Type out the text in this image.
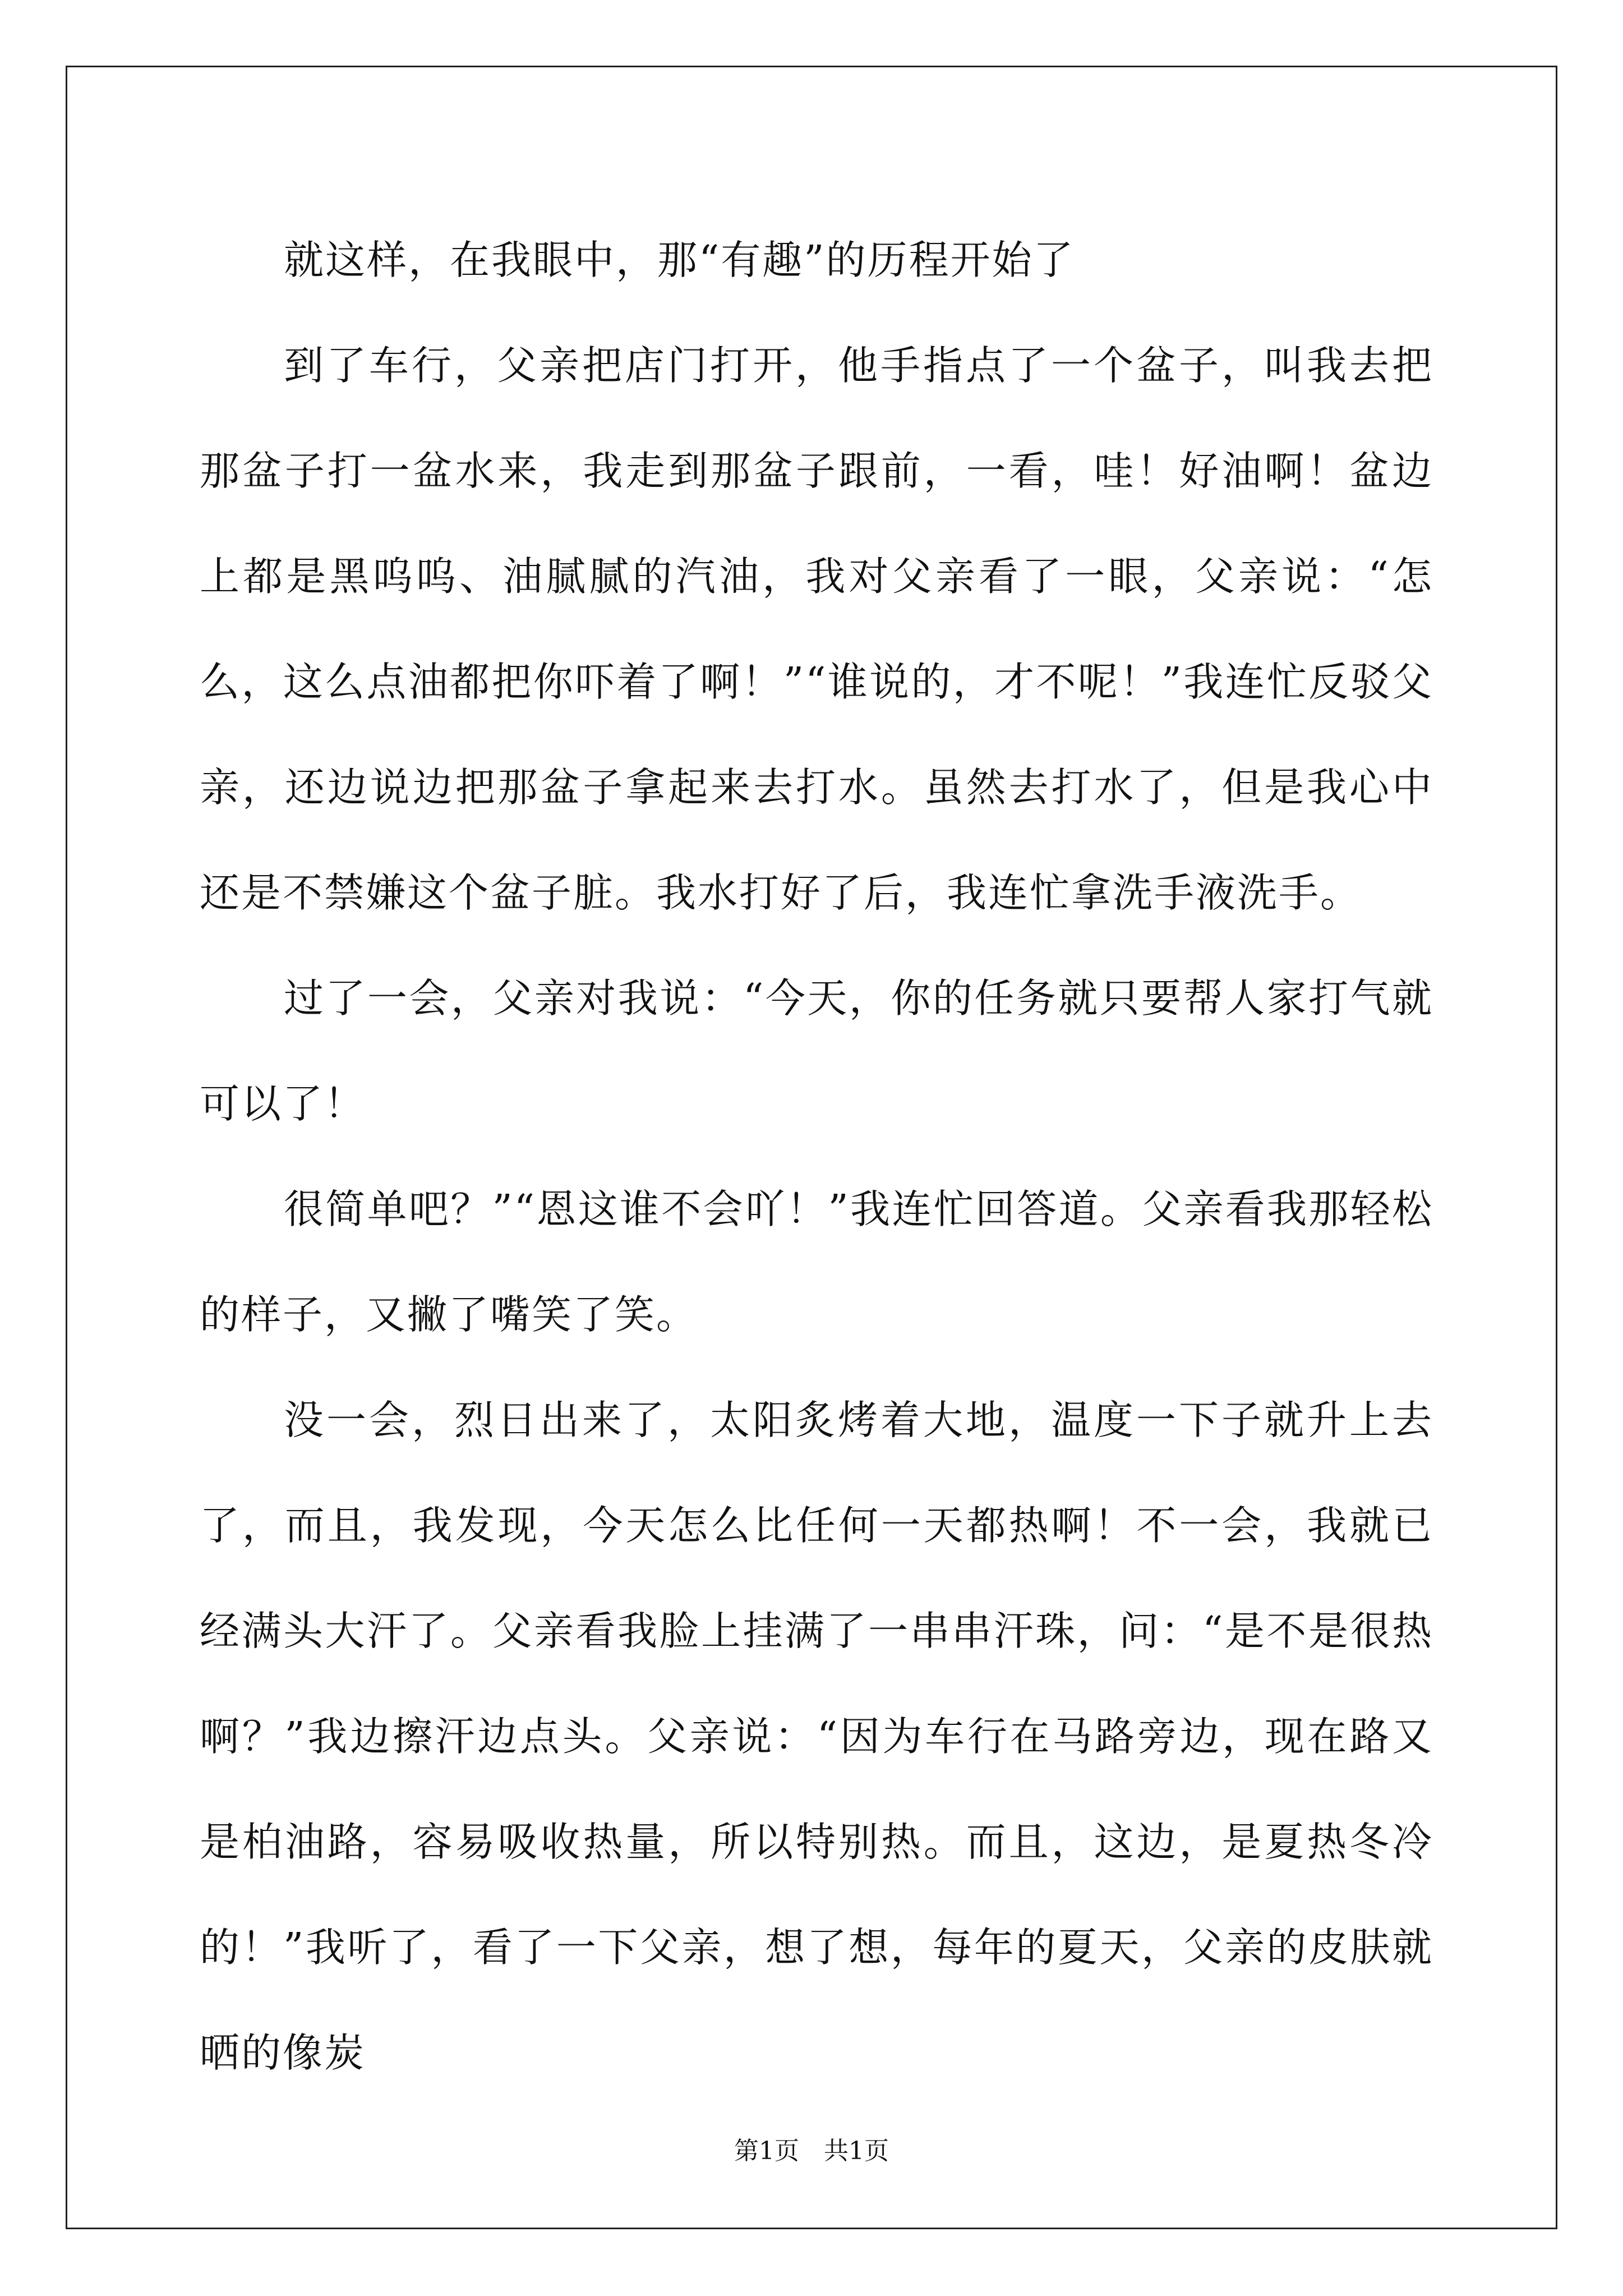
就这样，在我眼中，那“有趣”的历程开始了

到了车行，父亲把店门打开，他手指点了一个盆子，叫我去把那盆子打一盆水来，我走到那盆子跟前，一看，哇！好油啊！盆边上都是黑呜呜、油腻腻的汽油，我对父亲看了一眼，父亲说：“怎么，这么点油都把你吓着了啊！”“谁说的，才不呢！”我连忙反驳父亲，还边说边把那盆子拿起来去打水。虽然去打水了，但是我心中还是不禁嫌这个盆子脏。我水打好了后，我连忙拿洗手液洗手。

过了一会，父亲对我说：“今天，你的任务就只要帮人家打气就可以了！

很简单吧？”“恩这谁不会吖！”我连忙回答道。父亲看我那轻松的样子，又撇了嘴笑了笑。

没一会，烈日出来了，太阳炙烤着大地，温度一下子就升上去了，而且，我发现，今天怎么比任何一天都热啊！不一会，我就已经满头大汗了。父亲看我脸上挂满了一串串汗珠，问：“是不是很热啊？”我边擦汗边点头。父亲说：“因为车行在马路旁边，现在路又是柏油路，容易吸收热量，所以特别热。而且，这边，是夏热冬冷的！”我听了，看了一下父亲，想了想，每年的夏天，父亲的皮肤就晒的像炭

第1页　共1页
